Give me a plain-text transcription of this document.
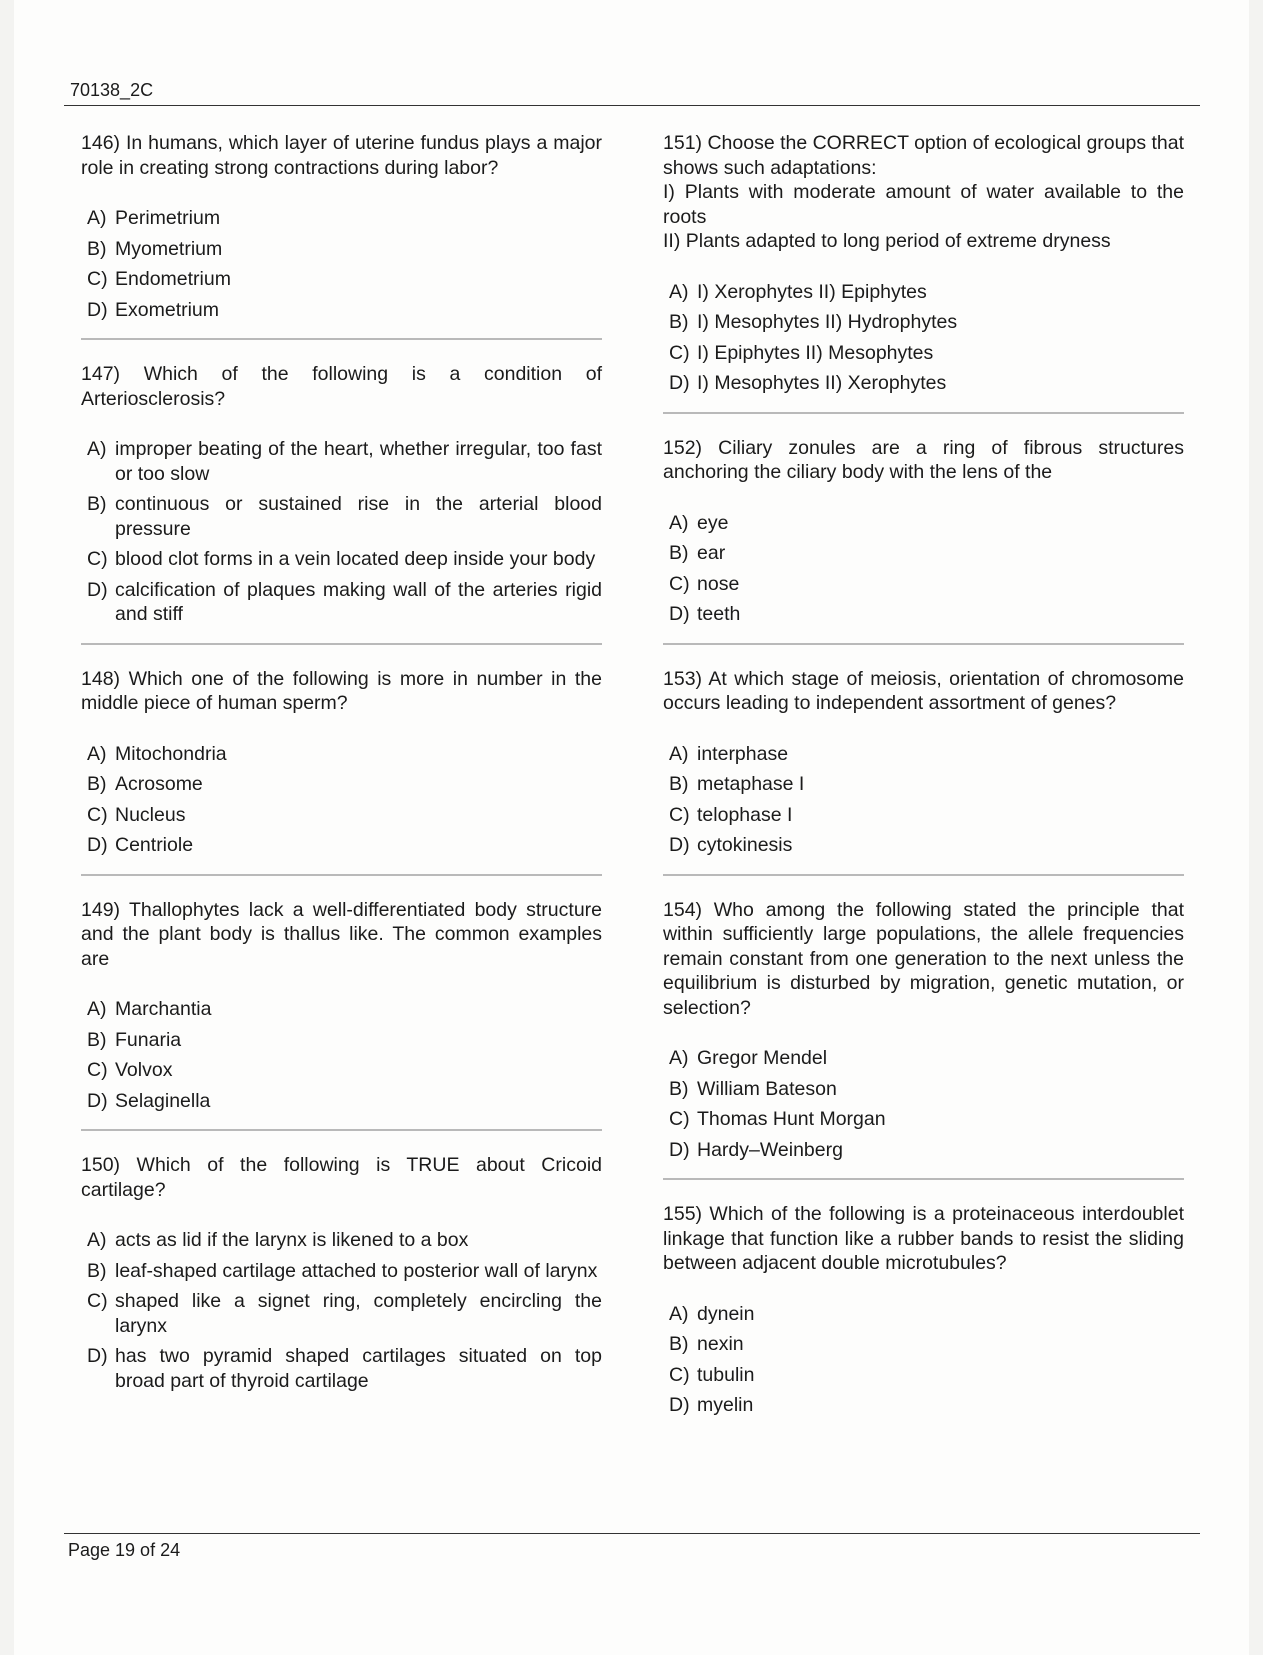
70138_2C

146) In humans, which layer of uterine fundus plays a major role in creating strong contractions during labor?

A) Perimetrium
B) Myometrium
C) Endometrium
D) Exometrium

147) Which of the following is a condition of Arteriosclerosis?

A) improper beating of the heart, whether irregular, too fast or too slow
B) continuous or sustained rise in the arterial blood pressure
C) blood clot forms in a vein located deep inside your body
D) calcification of plaques making wall of the arteries rigid and stiff

148) Which one of the following is more in number in the middle piece of human sperm?

A) Mitochondria
B) Acrosome
C) Nucleus
D) Centriole

149) Thallophytes lack a well-differentiated body structure and the plant body is thallus like. The common examples are

A) Marchantia
B) Funaria
C) Volvox
D) Selaginella

150) Which of the following is TRUE about Cricoid cartilage?

A) acts as lid if the larynx is likened to a box
B) leaf-shaped cartilage attached to posterior wall of larynx
C) shaped like a signet ring, completely encircling the larynx
D) has two pyramid shaped cartilages situated on top broad part of thyroid cartilage

151) Choose the CORRECT option of ecological groups that shows such adaptations:
I) Plants with moderate amount of water available to the roots
II) Plants adapted to long period of extreme dryness

A) I) Xerophytes II) Epiphytes
B) I) Mesophytes II) Hydrophytes
C) I) Epiphytes II) Mesophytes
D) I) Mesophytes II) Xerophytes

152) Ciliary zonules are a ring of fibrous structures anchoring the ciliary body with the lens of the

A) eye
B) ear
C) nose
D) teeth

153) At which stage of meiosis, orientation of chromosome occurs leading to independent assortment of genes?

A) interphase
B) metaphase I
C) telophase I
D) cytokinesis

154) Who among the following stated the principle that within sufficiently large populations, the allele frequencies remain constant from one generation to the next unless the equilibrium is disturbed by migration, genetic mutation, or selection?

A) Gregor Mendel
B) William Bateson
C) Thomas Hunt Morgan
D) Hardy–Weinberg

155) Which of the following is a proteinaceous interdoublet linkage that function like a rubber bands to resist the sliding between adjacent double microtubules?

A) dynein
B) nexin
C) tubulin
D) myelin
Page 19 of 24
